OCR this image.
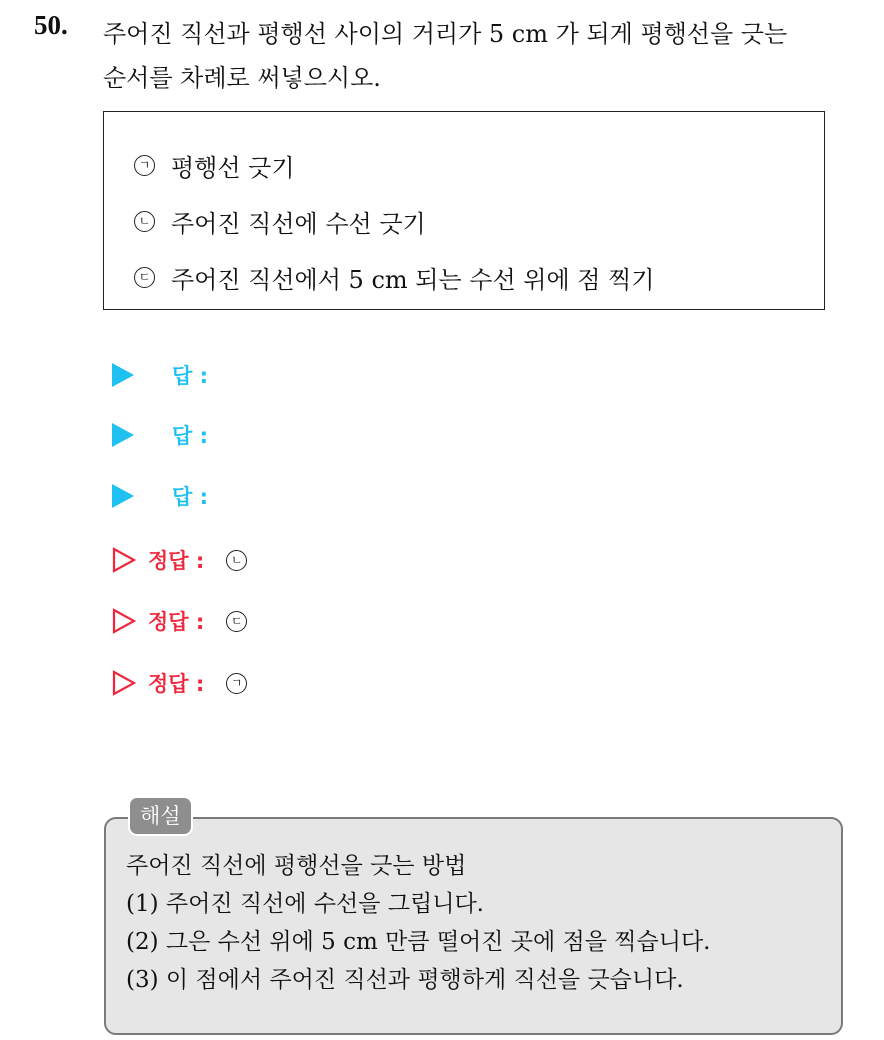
50. 주어진 직선과 평행선 사이의 거리가 5 cm 가 되게 평행선을 긋는
순서를 차례로 써넣으시오.
ㄱ 평행선 긋기
ㄴ 주어진 직선에 수선 긋기
ㄷ 주어진 직선에서 5 cm 되는 수선 위에 점 찍기
답 :
답 :
답 :
정답 :	ㄴ
정답 :	ㄷ
정답 :	ㄱ
주어진 직선에 평행선을 긋는 방법
(1) 주어진 직선에 수선을 그립니다.
(2) 그은 수선 위에 5 cm 만큼 떨어진 곳에 점을 찍습니다.
(3) 이 점에서 주어진 직선과 평행하게 직선을 긋습니다.
해설
